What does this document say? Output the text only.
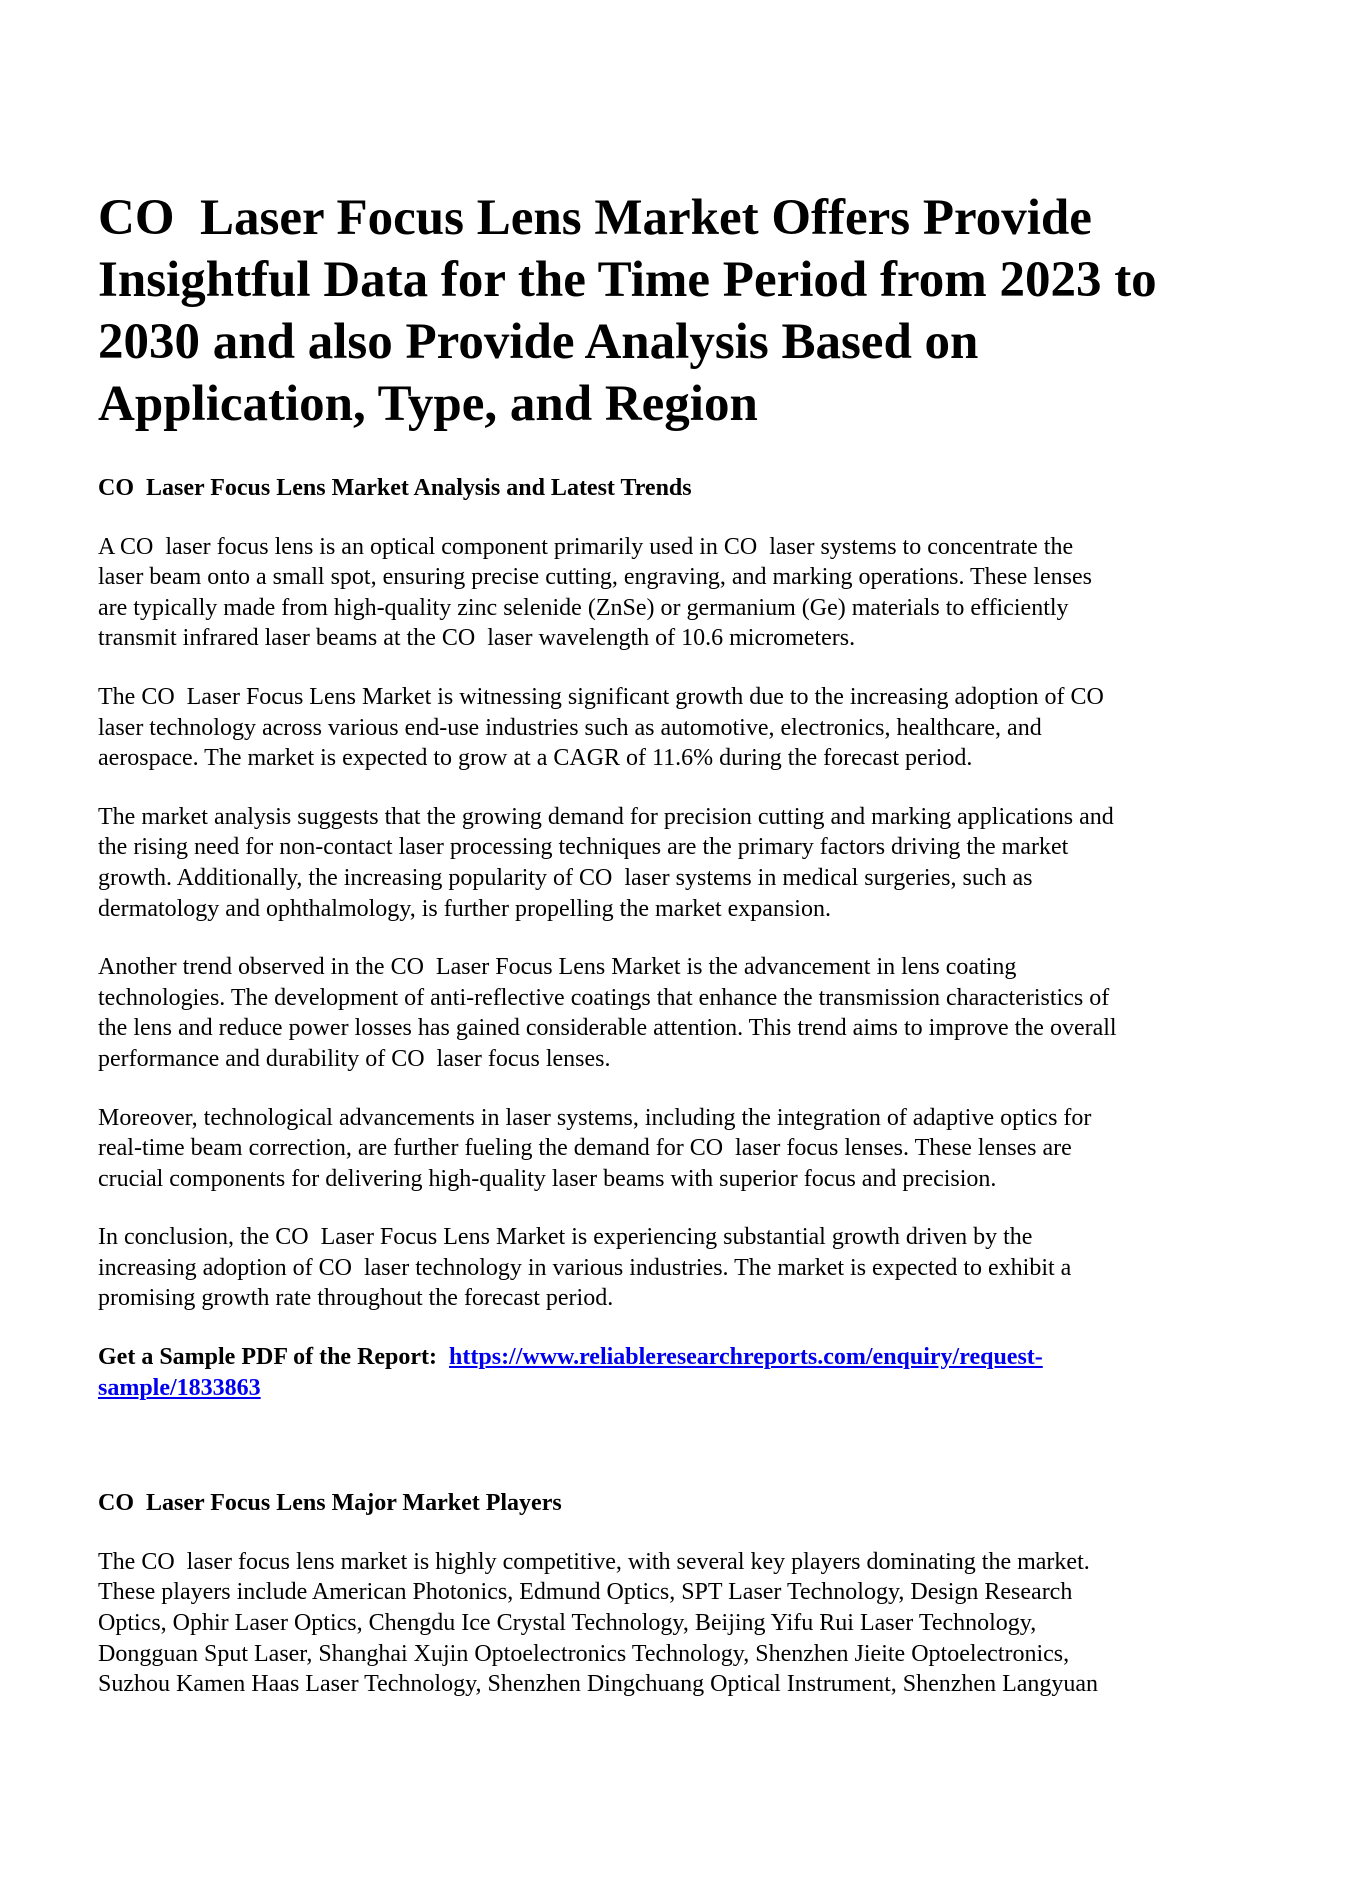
CO  Laser Focus Lens Market Offers Provide
Insightful Data for the Time Period from 2023 to
2030 and also Provide Analysis Based on
Application, Type, and Region
CO  Laser Focus Lens Market Analysis and Latest Trends

A CO  laser focus lens is an optical component primarily used in CO  laser systems to concentrate the
laser beam onto a small spot, ensuring precise cutting, engraving, and marking operations. These lenses
are typically made from high-quality zinc selenide (ZnSe) or germanium (Ge) materials to efficiently
transmit infrared laser beams at the CO  laser wavelength of 10.6 micrometers.

The CO  Laser Focus Lens Market is witnessing significant growth due to the increasing adoption of CO
laser technology across various end-use industries such as automotive, electronics, healthcare, and
aerospace. The market is expected to grow at a CAGR of 11.6% during the forecast period.

The market analysis suggests that the growing demand for precision cutting and marking applications and
the rising need for non-contact laser processing techniques are the primary factors driving the market
growth. Additionally, the increasing popularity of CO  laser systems in medical surgeries, such as
dermatology and ophthalmology, is further propelling the market expansion.

Another trend observed in the CO  Laser Focus Lens Market is the advancement in lens coating
technologies. The development of anti-reflective coatings that enhance the transmission characteristics of
the lens and reduce power losses has gained considerable attention. This trend aims to improve the overall
performance and durability of CO  laser focus lenses.

Moreover, technological advancements in laser systems, including the integration of adaptive optics for
real-time beam correction, are further fueling the demand for CO  laser focus lenses. These lenses are
crucial components for delivering high-quality laser beams with superior focus and precision.

In conclusion, the CO  Laser Focus Lens Market is experiencing substantial growth driven by the
increasing adoption of CO  laser technology in various industries. The market is expected to exhibit a
promising growth rate throughout the forecast period.

Get a Sample PDF of the Report:  https://www.reliableresearchreports.com/enquiry/request-
sample/1833863

CO  Laser Focus Lens Major Market Players

The CO  laser focus lens market is highly competitive, with several key players dominating the market.
These players include American Photonics, Edmund Optics, SPT Laser Technology, Design Research
Optics, Ophir Laser Optics, Chengdu Ice Crystal Technology, Beijing Yifu Rui Laser Technology,
Dongguan Sput Laser, Shanghai Xujin Optoelectronics Technology, Shenzhen Jieite Optoelectronics,
Suzhou Kamen Haas Laser Technology, Shenzhen Dingchuang Optical Instrument, Shenzhen Langyuan
